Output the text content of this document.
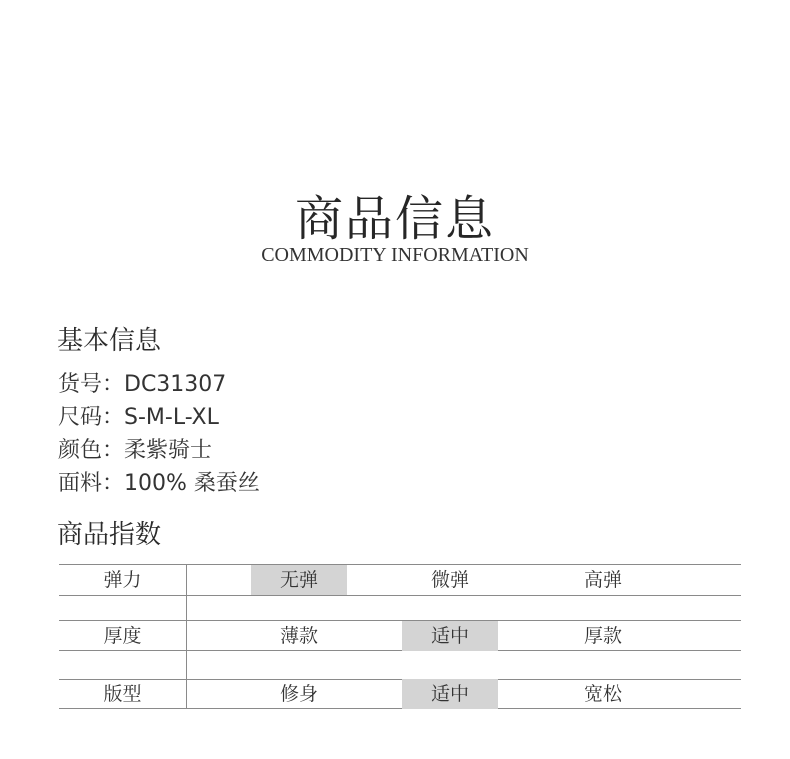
商品信息
COMMODITY INFORMATION
基本信息
货号：DC31307
尺码：S-M-L-XL
颜色：柔紫骑士
面料：100% 桑蚕丝
商品指数
弹力	无弹	微弹	高弹
厚度	薄款	适中	厚款
版型	修身	适中	宽松
